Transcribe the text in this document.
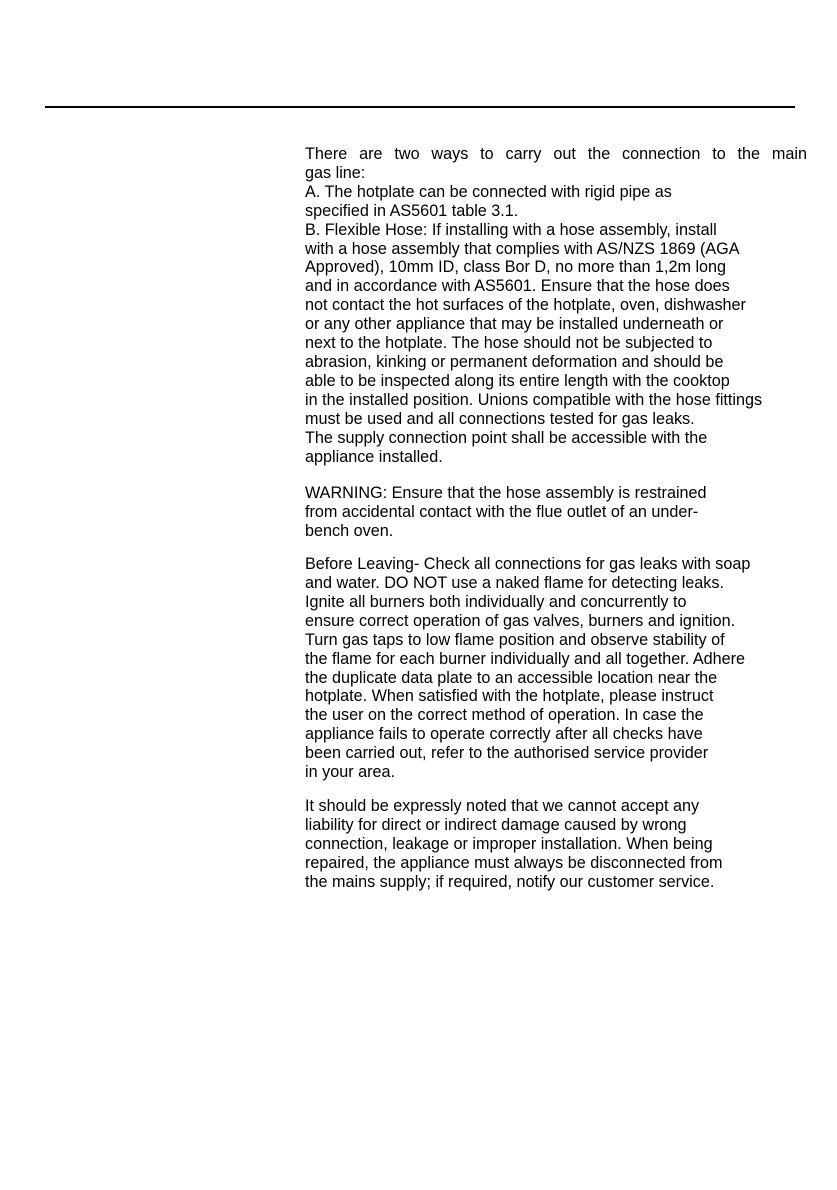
There are two ways to carry out the connection to the main
gas line:
A. The hotplate can be connected with rigid pipe as
specified in AS5601 table 3.1.
B. Flexible Hose: If installing with a hose assembly, install
with a hose assembly that complies with AS/NZS 1869 (AGA
Approved), 10mm ID, class Bor D, no more than 1,2m long
and in accordance with AS5601. Ensure that the hose does
not contact the hot surfaces of the hotplate, oven, dishwasher
or any other appliance that may be installed underneath or
next to the hotplate. The hose should not be subjected to
abrasion, kinking or permanent deformation and should be
able to be inspected along its entire length with the cooktop
in the installed position. Unions compatible with the hose fittings
must be used and all connections tested for gas leaks.
The supply connection point shall be accessible with the
appliance installed.
WARNING: Ensure that the hose assembly is restrained
from accidental contact with the flue outlet of an under-
bench oven.
Before Leaving- Check all connections for gas leaks with soap
and water. DO NOT use a naked flame for detecting leaks.
Ignite all burners both individually and concurrently to
ensure correct operation of gas valves, burners and ignition.
Turn gas taps to low flame position and observe stability of
the flame for each burner individually and all together. Adhere
the duplicate data plate to an accessible location near the
hotplate. When satisfied with the hotplate, please instruct
the user on the correct method of operation. In case the
appliance fails to operate correctly after all checks have
been carried out, refer to the authorised service provider
in your area.
It should be expressly noted that we cannot accept any
liability for direct or indirect damage caused by wrong
connection, leakage or improper installation. When being
repaired, the appliance must always be disconnected from
the mains supply; if required, notify our customer service.
